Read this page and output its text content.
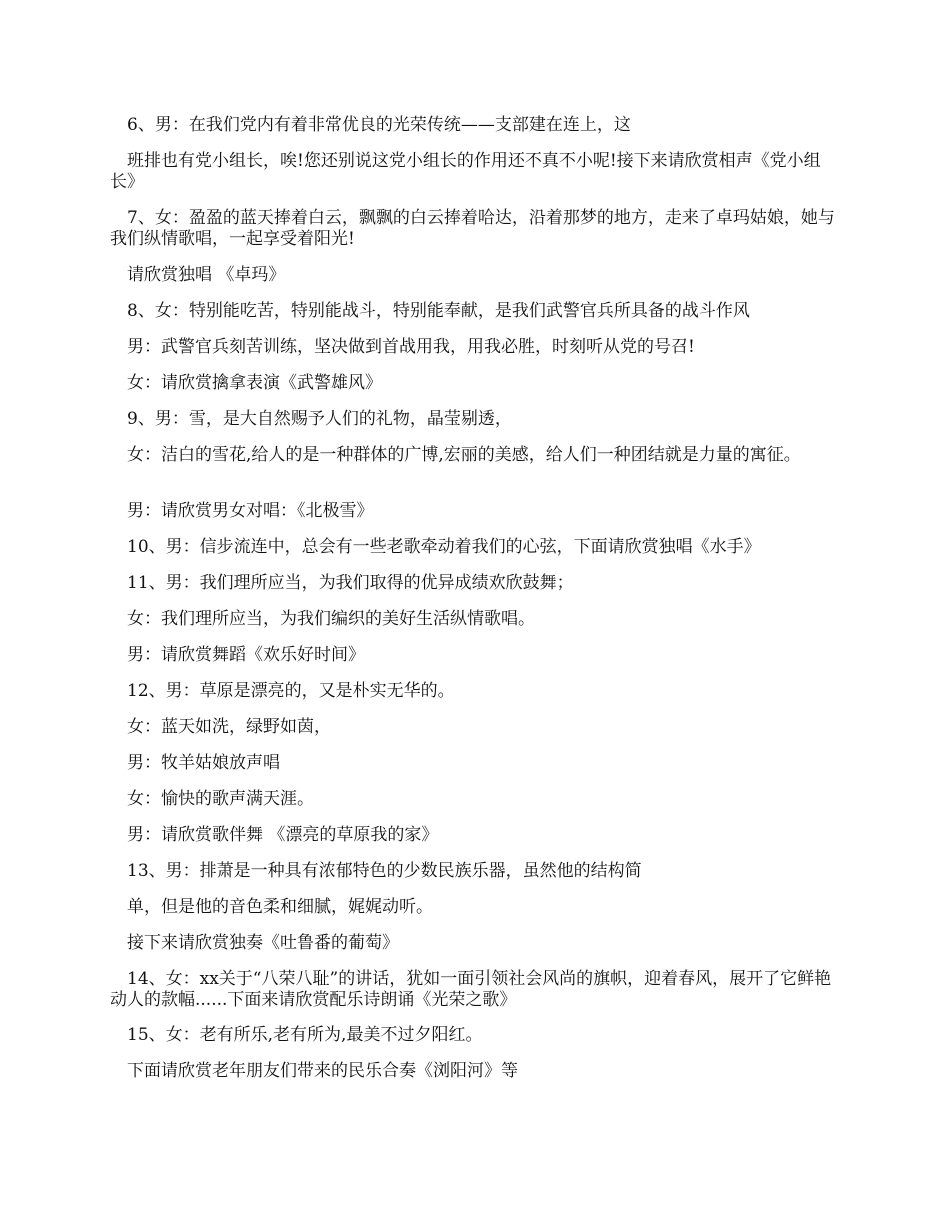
　6、男：在我们党内有着非常优良的光荣传统——支部建在连上，这

　班排也有党小组长，唉!您还别说这党小组长的作用还不真不小呢!接下来请欣赏相声《党小组长》

　7、女：盈盈的蓝天捧着白云，飘飘的白云捧着哈达，沿着那梦的地方，走来了卓玛姑娘，她与我们纵情歌唱，一起享受着阳光!

　请欣赏独唱 《卓玛》

　8、女：特别能吃苦，特别能战斗，特别能奉献，是我们武警官兵所具备的战斗作风

　男：武警官兵刻苦训练，坚决做到首战用我，用我必胜，时刻听从党的号召!

　女：请欣赏擒拿表演《武警雄风》

　9、男：雪，是大自然赐予人们的礼物，晶莹剔透，

　女：洁白的雪花,给人的是一种群体的广博,宏丽的美感，给人们一种团结就是力量的寓征。

　男：请欣赏男女对唱：《北极雪》

　10、男：信步流连中，总会有一些老歌牵动着我们的心弦，下面请欣赏独唱《水手》

　11、男：我们理所应当，为我们取得的优异成绩欢欣鼓舞；

　女：我们理所应当，为我们编织的美好生活纵情歌唱。

　男：请欣赏舞蹈《欢乐好时间》

　12、男：草原是漂亮的，又是朴实无华的。

　女：蓝天如洗，绿野如茵，

　男：牧羊姑娘放声唱

　女：愉快的歌声满天涯。

　男：请欣赏歌伴舞 《漂亮的草原我的家》

　13、男：排萧是一种具有浓郁特色的少数民族乐器，虽然他的结构简

　单，但是他的音色柔和细腻，娓娓动听。

　接下来请欣赏独奏《吐鲁番的葡萄》

　14、女：xx关于“八荣八耻”的讲话，犹如一面引领社会风尚的旗帜，迎着春风，展开了它鲜艳动人的款幅......下面来请欣赏配乐诗朗诵《光荣之歌》

　15、女：老有所乐,老有所为,最美不过夕阳红。

　下面请欣赏老年朋友们带来的民乐合奏《浏阳河》等
